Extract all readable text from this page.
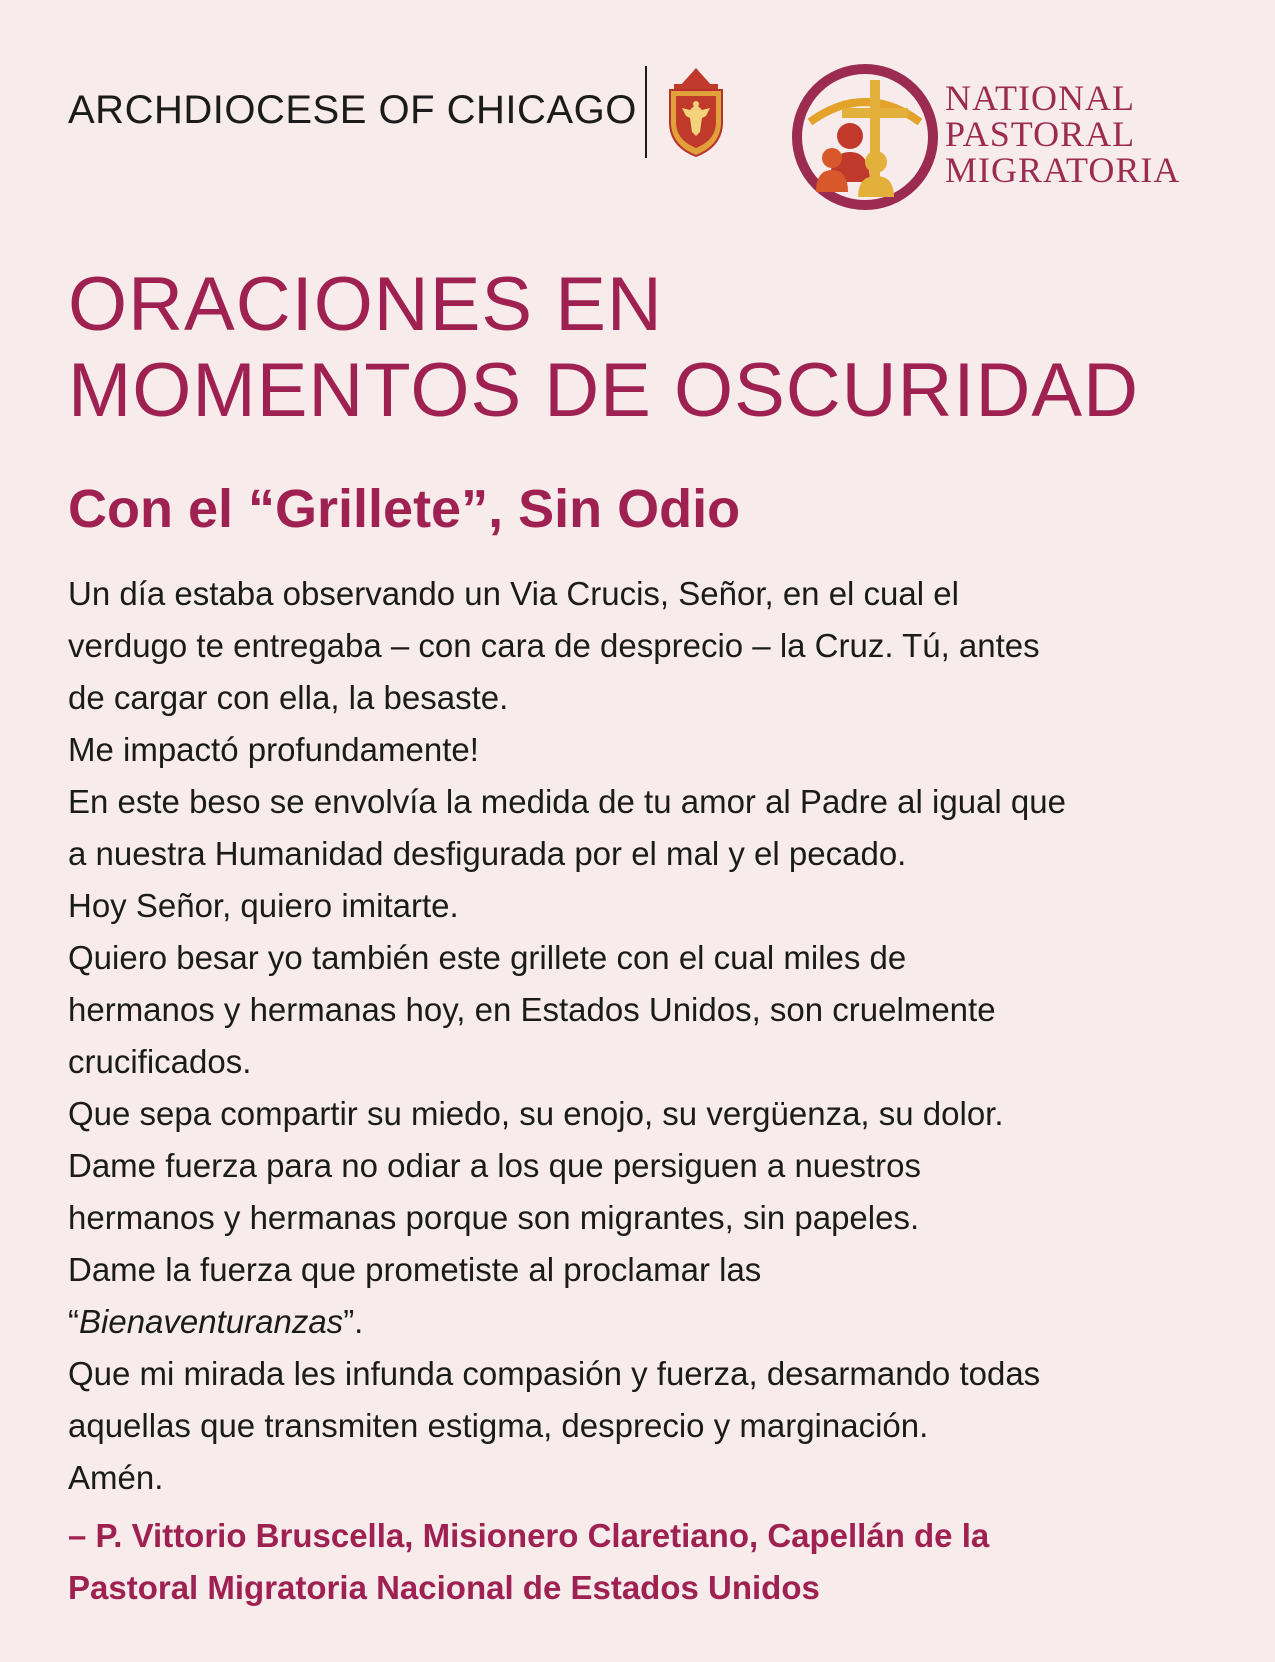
ARCHDIOCESE OF CHICAGO	NATIONAL
PASTORAL
MIGRATORIA
ORACIONES EN
MOMENTOS DE OSCURIDAD
Con el “Grillete”, Sin Odio
Un día estaba observando un Via Crucis, Señor, en el cual el
verdugo te entregaba – con cara de desprecio – la Cruz. Tú, antes
de cargar con ella, la besaste.
Me impactó profundamente!
En este beso se envolvía la medida de tu amor al Padre al igual que
a nuestra Humanidad desfigurada por el mal y el pecado.
Hoy Señor, quiero imitarte.
Quiero besar yo también este grillete con el cual miles de
hermanos y hermanas hoy, en Estados Unidos, son cruelmente
crucificados.
Que sepa compartir su miedo, su enojo, su vergüenza, su dolor.
Dame fuerza para no odiar a los que persiguen a nuestros
hermanos y hermanas porque son migrantes, sin papeles.
Dame la fuerza que prometiste al proclamar las
“Bienaventuranzas”.
Que mi mirada les infunda compasión y fuerza, desarmando todas
aquellas que transmiten estigma, desprecio y marginación.
Amén.
– P. Vittorio Bruscella, Misionero Claretiano, Capellán de la
Pastoral Migratoria Nacional de Estados Unidos
